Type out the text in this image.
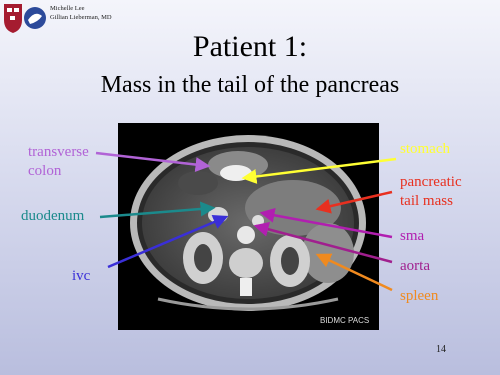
Michelle Lee
Gillian Lieberman, MD
Patient 1:
Mass in the tail of the pancreas
BIDMC PACS
transverse
colon
duodenum
ivc
stomach
pancreatic
tail mass
sma
aorta
spleen
14
